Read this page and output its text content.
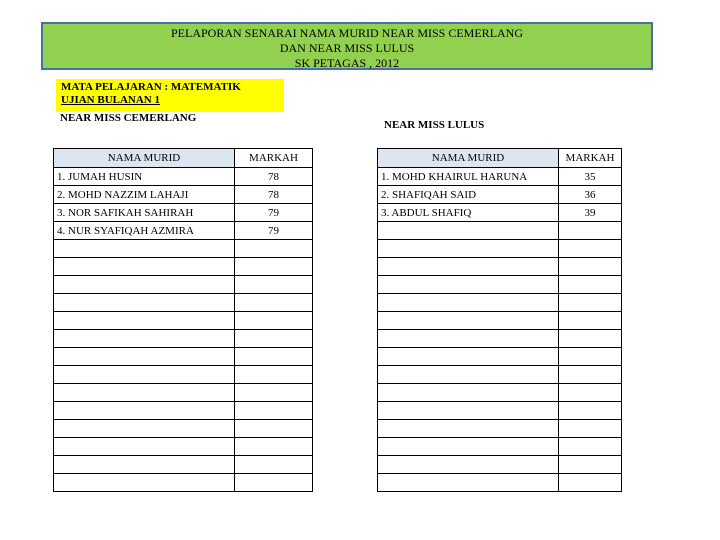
PELAPORAN SENARAI NAMA MURID NEAR MISS CEMERLANG
DAN NEAR MISS LULUS
SK PETAGAS , 2012
MATA PELAJARAN : MATEMATIK
UJIAN BULANAN 1
NEAR MISS CEMERLANG
NEAR MISS LULUS
NAMA MURID	MARKAH
1. JUMAH HUSIN	78
2. MOHD NAZZIM LAHAJI	78
3. NOR SAFIKAH SAHIRAH	79
4. NUR SYAFIQAH AZMIRA	79

NAMA MURID	MARKAH
1. MOHD KHAIRUL HARUNA	35
2. SHAFIQAH SAID	36
3. ABDUL SHAFIQ	39
